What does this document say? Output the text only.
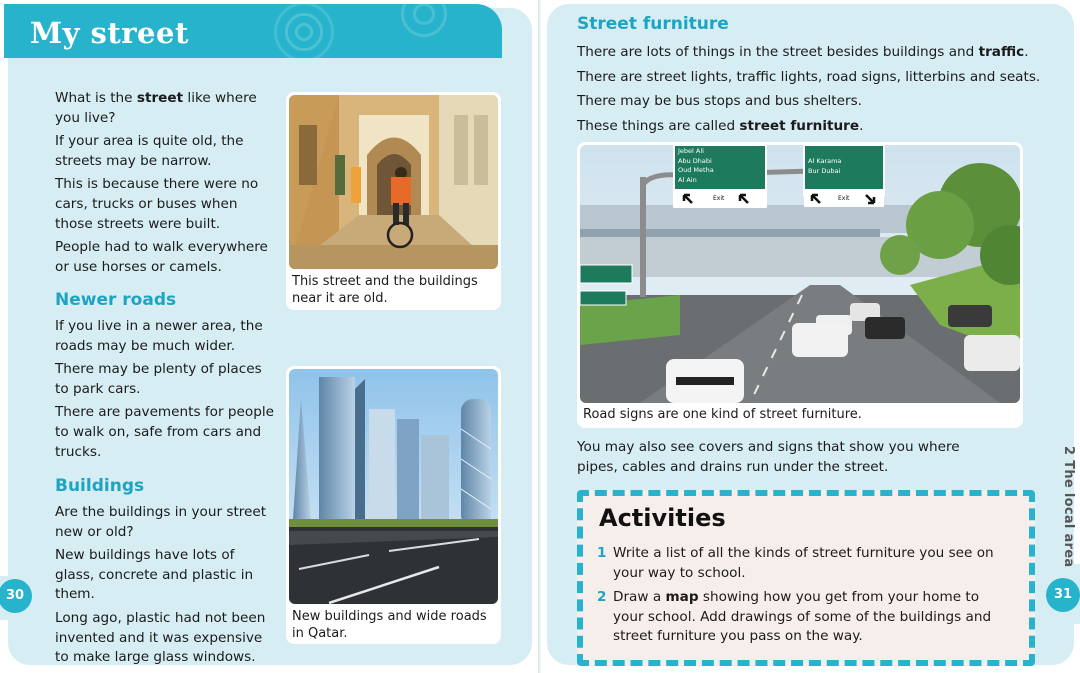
My street

What is the street like where you live?

If your area is quite old, the streets may be narrow.

This is because there were no cars, trucks or buses when those streets were built.

People had to walk everywhere or use horses or camels.

Newer roads

If you live in a newer area, the roads may be much wider.

There may be plenty of places to park cars.

There are pavements for people to walk on, safe from cars and trucks.

Buildings

Are the buildings in your street new or old?

New buildings have lots of glass, concrete and plastic in them.

Long ago, plastic had not been invented and it was expensive to make large glass windows.

This street and the buildings near it are old.
New buildings and wide roads in Qatar.
30
Street furniture
There are lots of things in the street besides buildings and traffic.
There are street lights, traffic lights, road signs, litterbins and seats.
There may be bus stops and bus shelters.
These things are called street furniture.
Jebel Ali
Abu Dhabi
Oud Metha
Al Ain
Al Karama
Bur Dubai
Exit	Exit
Road signs are one kind of street furniture.
You may also see covers and signs that show you where pipes, cables and drains run under the street.
Activities
1 Write a list of all the kinds of street furniture you see on your way to school.
2 Draw a map showing how you get from your home to your school. Add drawings of some of the buildings and street furniture you pass on the way.
31
2 The local area
